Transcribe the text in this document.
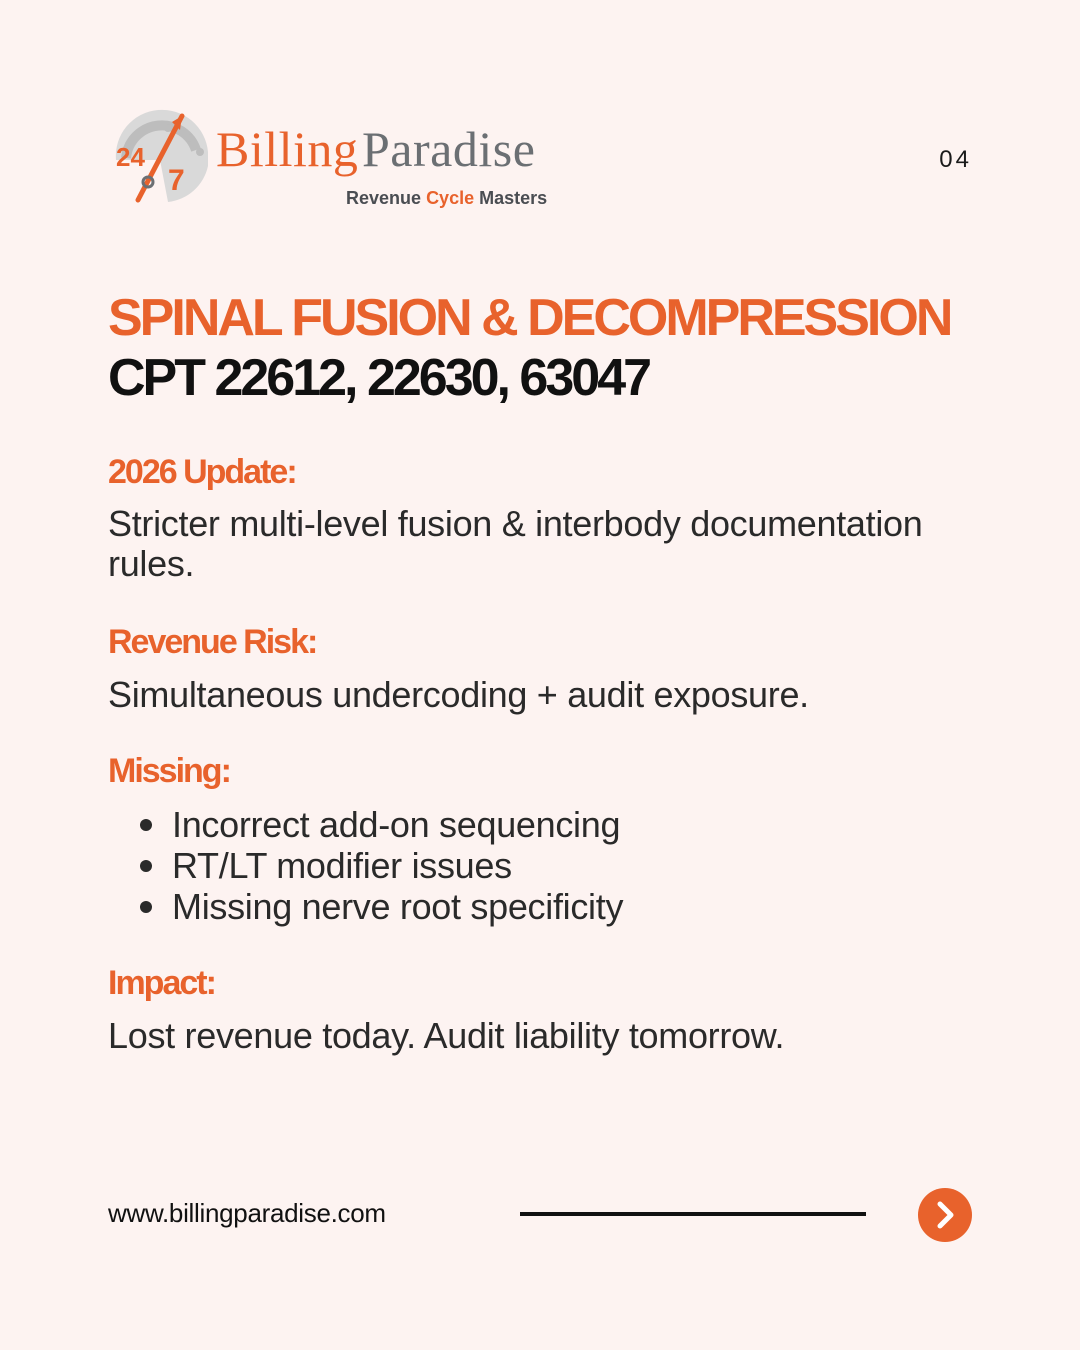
24
7
Billing Paradise
Revenue Cycle Masters
04
SPINAL FUSION & DECOMPRESSION
CPT 22612, 22630, 63047
2026 Update:
Stricter multi-level fusion & interbody documentation rules.
Revenue Risk:
Simultaneous undercoding + audit exposure.
Missing:
Incorrect add-on sequencing
RT/LT modifier issues
Missing nerve root specificity
Impact:
Lost revenue today. Audit liability tomorrow.
www.billingparadise.com
